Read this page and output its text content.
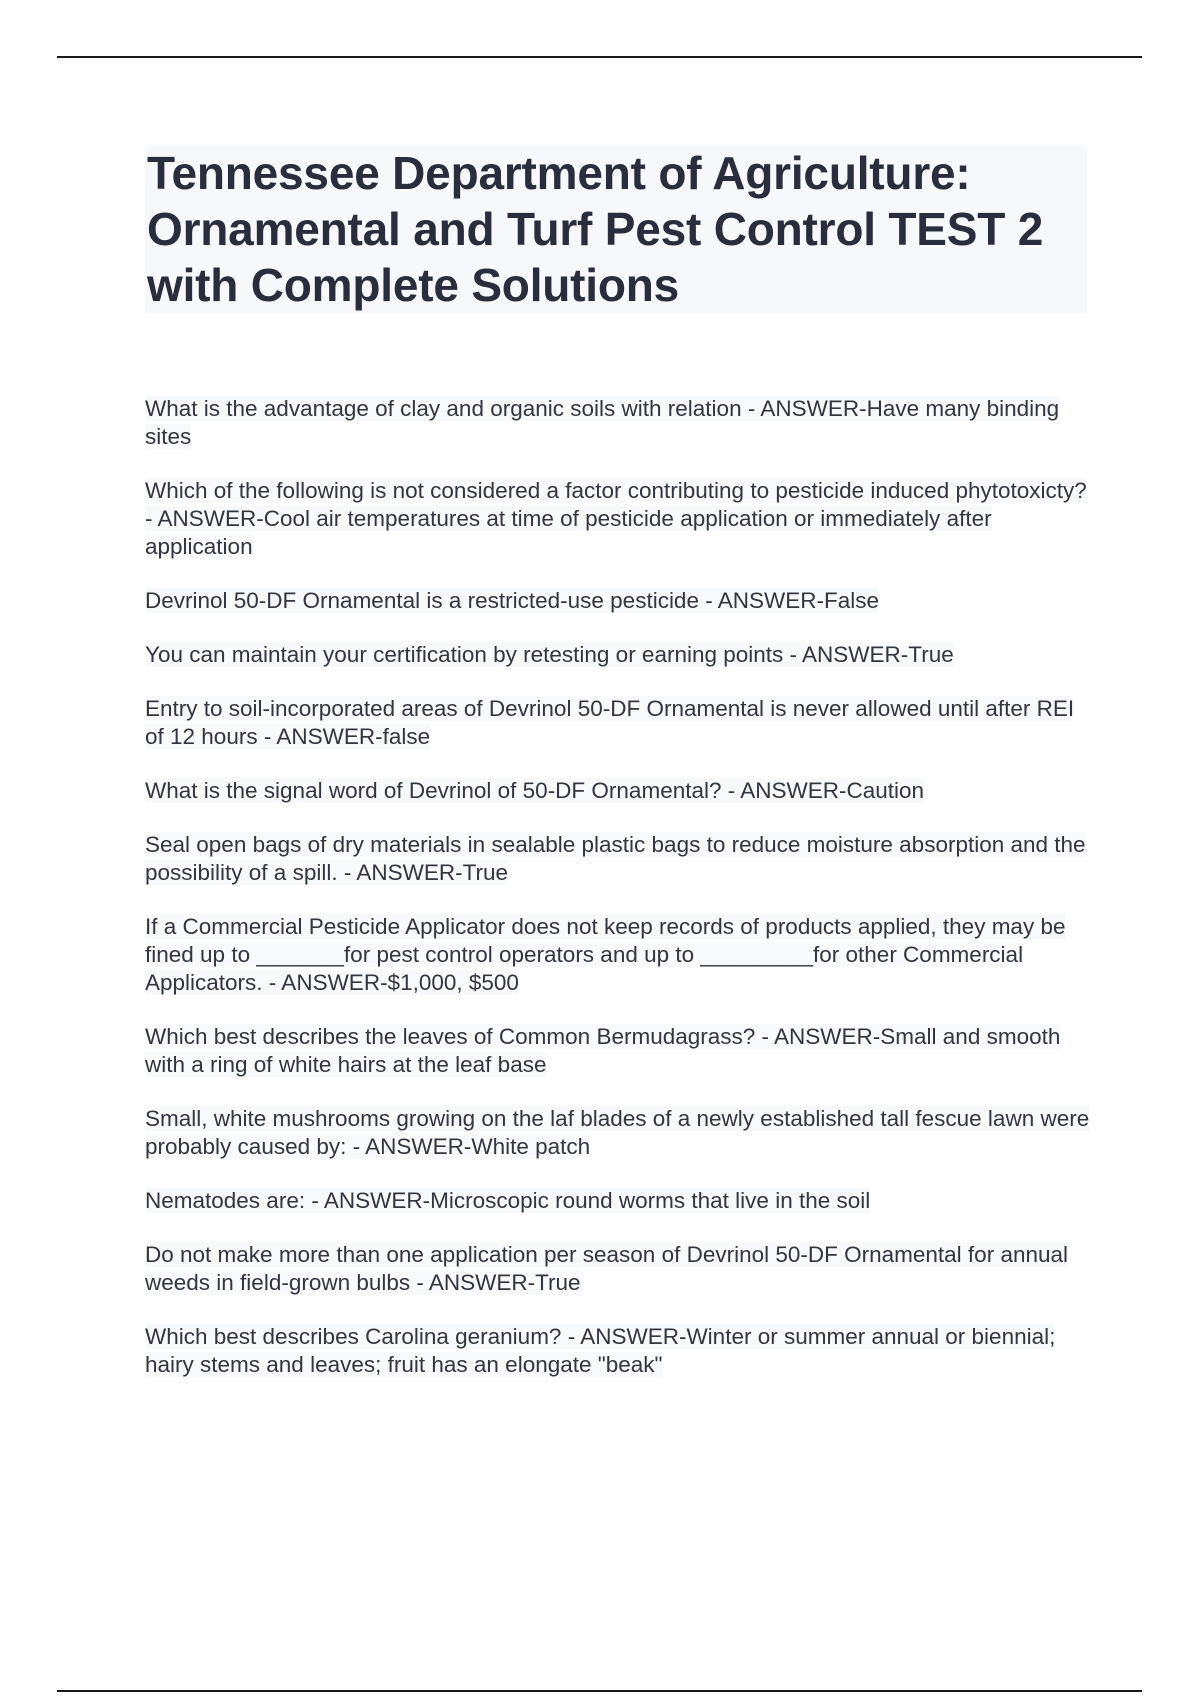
Tennessee Department of Agriculture: Ornamental and Turf Pest Control TEST 2 with Complete Solutions

What is the advantage of clay and organic soils with relation - ANSWER-Have many binding sites

Which of the following is not considered a factor contributing to pesticide induced phytotoxicty? - ANSWER-Cool air temperatures at time of pesticide application or immediately after application

Devrinol 50-DF Ornamental is a restricted-use pesticide - ANSWER-False

You can maintain your certification by retesting or earning points - ANSWER-True

Entry to soil-incorporated areas of Devrinol 50-DF Ornamental is never allowed until after REI of 12 hours - ANSWER-false

What is the signal word of Devrinol of 50-DF Ornamental? - ANSWER-Caution

Seal open bags of dry materials in sealable plastic bags to reduce moisture absorption and the possibility of a spill. - ANSWER-True

If a Commercial Pesticide Applicator does not keep records of products applied, they may be fined up to _______for pest control operators and up to _________for other Commercial Applicators. - ANSWER-$1,000, $500

Which best describes the leaves of Common Bermudagrass? - ANSWER-Small and smooth with a ring of white hairs at the leaf base

Small, white mushrooms growing on the laf blades of a newly established tall fescue lawn were probably caused by: - ANSWER-White patch

Nematodes are: - ANSWER-Microscopic round worms that live in the soil

Do not make more than one application per season of Devrinol 50-DF Ornamental for annual weeds in field-grown bulbs - ANSWER-True

Which best describes Carolina geranium? - ANSWER-Winter or summer annual or biennial; hairy stems and leaves; fruit has an elongate "beak"
